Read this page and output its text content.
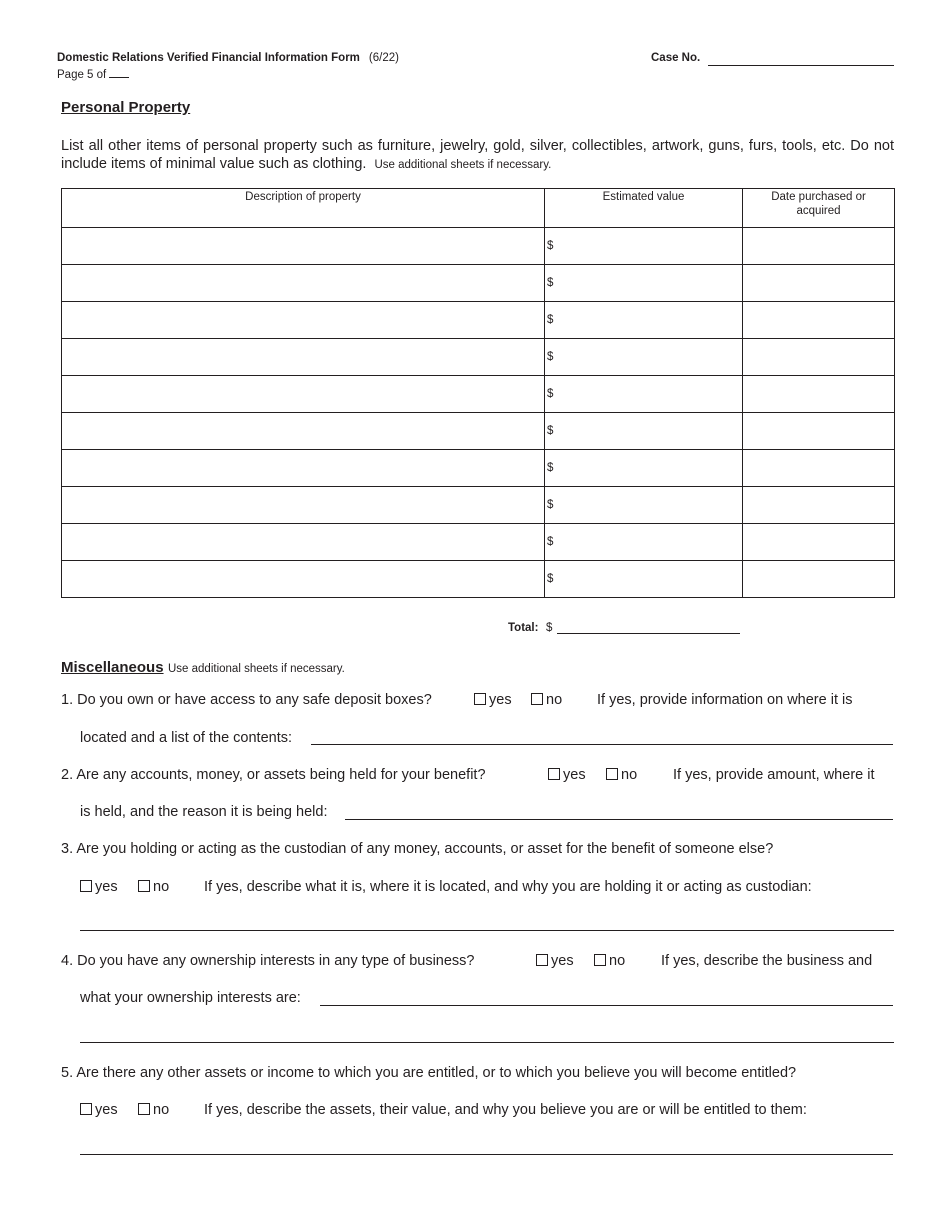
Domestic Relations Verified Financial Information Form (6/22)
Page 5 of
Case No.
Personal Property
List all other items of personal property such as furniture, jewelry, gold, silver, collectibles, artwork, guns, furs, tools, etc. Do not include items of minimal value such as clothing. Use additional sheets if necessary.
Description of property	Estimated value	Date purchased or acquired

	$	
	$	
	$	
	$	
	$	
	$	
	$	
	$	
	$	
	$	
Total: $
Miscellaneous Use additional sheets if necessary.
1. Do you own or have access to any safe deposit boxes?	yes	no If yes, provide information on where it is
located and a list of the contents:
2. Are any accounts, money, or assets being held for your benefit?	yes	no If yes, provide amount, where it
is held, and the reason it is being held:
3. Are you holding or acting as the custodian of any money, accounts, or asset for the benefit of someone else?
yes	no If yes, describe what it is, where it is located, and why you are holding it or acting as custodian:
4. Do you have any ownership interests in any type of business?	yes	no If yes, describe the business and
what your ownership interests are:
5. Are there any other assets or income to which you are entitled, or to which you believe you will become entitled?
yes	no If yes, describe the assets, their value, and why you believe you are or will be entitled to them:
